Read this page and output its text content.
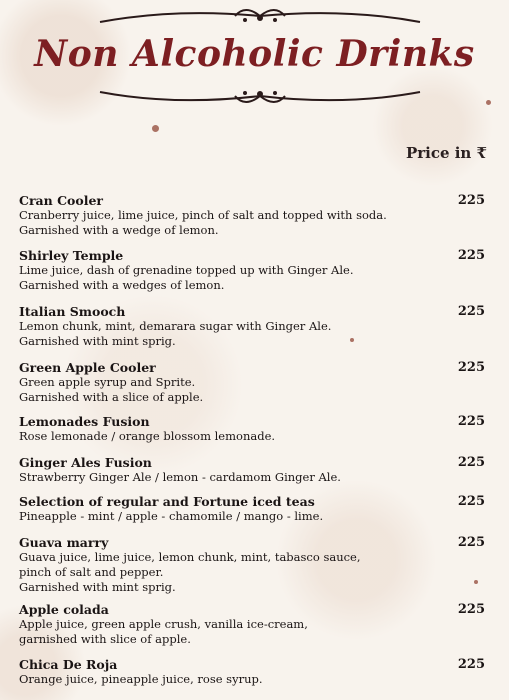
Non Alcoholic Drinks
Price in ₹
Cran Cooler
Cranberry juice, lime juice, pinch of salt and topped with soda.
Garnished with a wedge of lemon.
225
Shirley Temple
Lime juice, dash of grenadine topped up with Ginger Ale.
Garnished with a wedges of lemon.
225
Italian Smooch
Lemon chunk, mint, demarara sugar with Ginger Ale.
Garnished with mint sprig.
225
Green Apple Cooler
Green apple syrup and Sprite.
Garnished with a slice of apple.
225
Lemonades Fusion
Rose lemonade / orange blossom lemonade.
225
Ginger Ales Fusion
Strawberry Ginger Ale / lemon - cardamom Ginger Ale.
225
Selection of regular and Fortune iced teas
Pineapple - mint / apple - chamomile / mango - lime.
225
Guava marry
Guava juice, lime juice, lemon chunk, mint, tabasco sauce,
pinch of salt and pepper.
Garnished with mint sprig.
225
Apple colada
Apple juice, green apple crush, vanilla ice-cream,
garnished with slice of apple.
225
Chica De Roja
Orange juice, pineapple juice, rose syrup.
225
